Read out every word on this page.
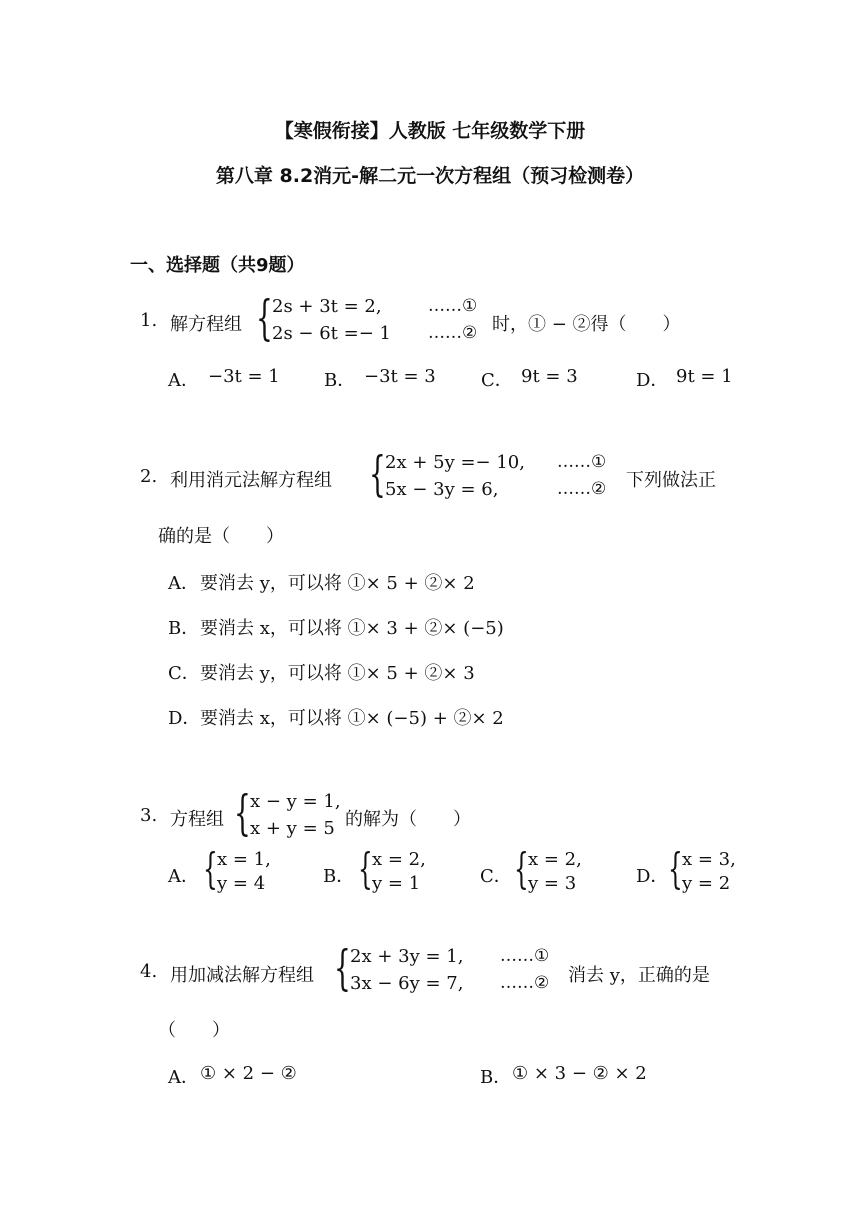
【寒假衔接】人教版 七年级数学下册
第八章 8.2消元-解二元一次方程组（预习检测卷）
一、选择题（共9题）
1. 解方程组 { 2s + 3t = 2,
2s − 6t =− 1
……①
……② 时，① − ②得（　　）
A． −3t = 1 B． −3t = 3	C． 9t = 3	D． 9t = 1
2. 利用消元法解方程组 { 2x + 5y =− 10,
5x − 3y = 6,
……①
……② 下列做法正
确的是（　　）
A． 要消去 y，可以将 ①× 5 + ②× 2
B． 要消去 x，可以将 ①× 3 + ②× (−5)
C． 要消去 y，可以将 ①× 5 + ②× 3
D． 要消去 x，可以将 ①× (−5) + ②× 2
3. 方程组 { x − y = 1,
x + y = 5 的解为（　　）
A． { x = 1,
y = 4	B． { x = 2,
y = 1	C． { x = 2,
y = 3	D． { x = 3,
y = 2
4. 用加减法解方程组 { 2x + 3y = 1,
3x − 6y = 7,
……①
……② 消去 y，正确的是
（　　）
A． ① × 2 − ②	B． ① × 3 − ② × 2
